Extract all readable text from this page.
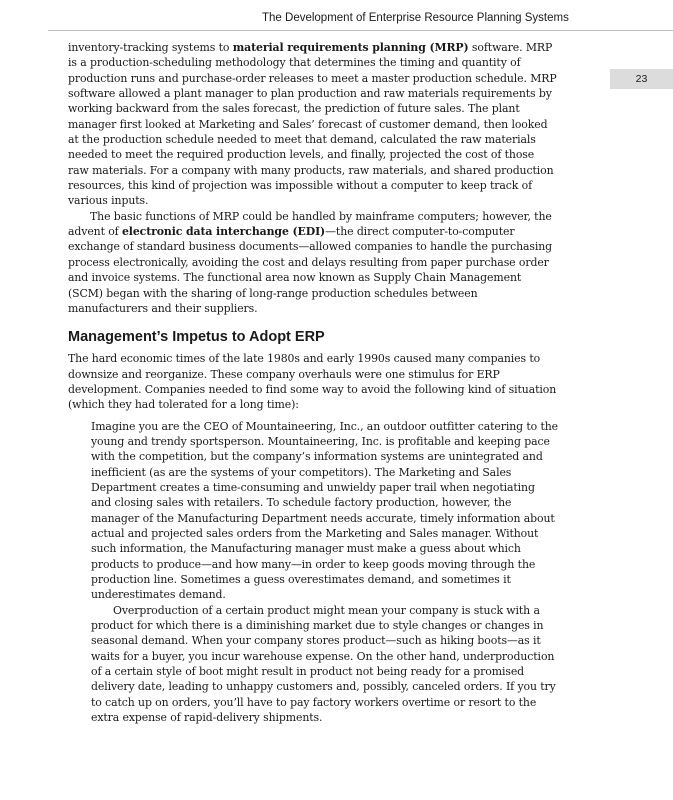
The Development of Enterprise Resource Planning Systems
23

inventory-tracking systems to material requirements planning (MRP) software. MRP is a production-scheduling methodology that determines the timing and quantity of production runs and purchase-order releases to meet a master production schedule. MRP software allowed a plant manager to plan production and raw materials requirements by working backward from the sales forecast, the prediction of future sales. The plant manager first looked at Marketing and Sales’ forecast of customer demand, then looked at the production schedule needed to meet that demand, calculated the raw materials needed to meet the required production levels, and finally, projected the cost of those raw materials. For a company with many products, raw materials, and shared production resources, this kind of projection was impossible without a computer to keep track of various inputs.

The basic functions of MRP could be handled by mainframe computers; however, the advent of electronic data interchange (EDI)—the direct computer-to-computer exchange of standard business documents—allowed companies to handle the purchasing process electronically, avoiding the cost and delays resulting from paper purchase order and invoice systems. The functional area now known as Supply Chain Management (SCM) began with the sharing of long-range production schedules between manufacturers and their suppliers.

Management’s Impetus to Adopt ERP

The hard economic times of the late 1980s and early 1990s caused many companies to downsize and reorganize. These company overhauls were one stimulus for ERP development. Companies needed to find some way to avoid the following kind of situation (which they had tolerated for a long time):

Imagine you are the CEO of Mountaineering, Inc., an outdoor outfitter catering to the young and trendy sportsperson. Mountaineering, Inc. is profitable and keeping pace with the competition, but the company’s information systems are unintegrated and inefficient (as are the systems of your competitors). The Marketing and Sales Department creates a time-consuming and unwieldy paper trail when negotiating and closing sales with retailers. To schedule factory production, however, the manager of the Manufacturing Department needs accurate, timely information about actual and projected sales orders from the Marketing and Sales manager. Without such information, the Manufacturing manager must make a guess about which products to produce—and how many—in order to keep goods moving through the production line. Sometimes a guess overestimates demand, and sometimes it underestimates demand.

Overproduction of a certain product might mean your company is stuck with a product for which there is a diminishing market due to style changes or changes in seasonal demand. When your company stores product—such as hiking boots—as it waits for a buyer, you incur warehouse expense. On the other hand, underproduction of a certain style of boot might result in product not being ready for a promised delivery date, leading to unhappy customers and, possibly, canceled orders. If you try to catch up on orders, you’ll have to pay factory workers overtime or resort to the extra expense of rapid-delivery shipments.
